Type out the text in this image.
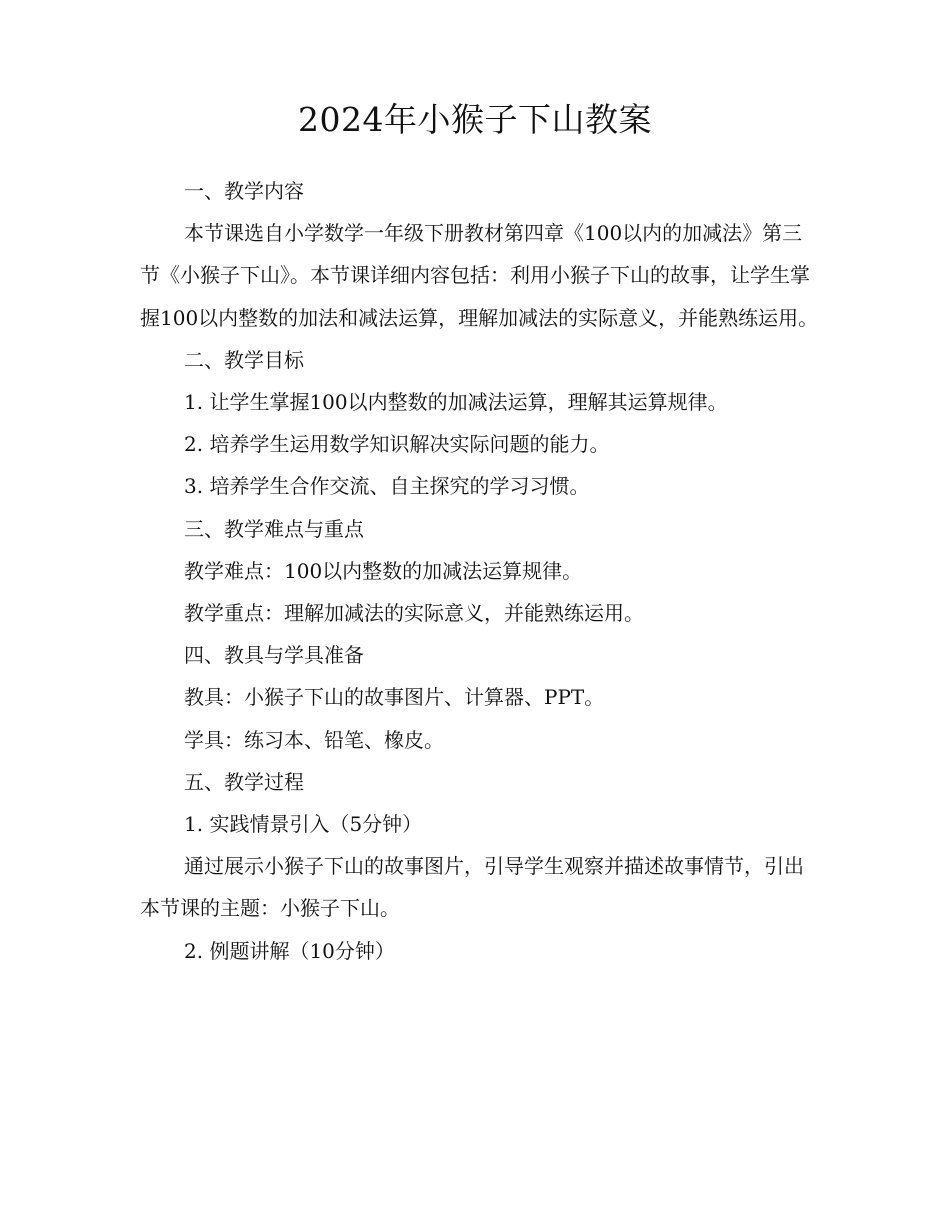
2024年小猴子下山教案

一、教学内容

本节课选自小学数学一年级下册教材第四章《100以内的加减法》第三节《小猴子下山》。本节课详细内容包括：利用小猴子下山的故事，让学生掌握100以内整数的加法和减法运算，理解加减法的实际意义，并能熟练运用。

二、教学目标

1. 让学生掌握100以内整数的加减法运算，理解其运算规律。

2. 培养学生运用数学知识解决实际问题的能力。

3. 培养学生合作交流、自主探究的学习习惯。

三、教学难点与重点

教学难点：100以内整数的加减法运算规律。

教学重点：理解加减法的实际意义，并能熟练运用。

四、教具与学具准备

教具：小猴子下山的故事图片、计算器、PPT。

学具：练习本、铅笔、橡皮。

五、教学过程

1. 实践情景引入（5分钟）

通过展示小猴子下山的故事图片，引导学生观察并描述故事情节，引出本节课的主题：小猴子下山。

2. 例题讲解（10分钟）
